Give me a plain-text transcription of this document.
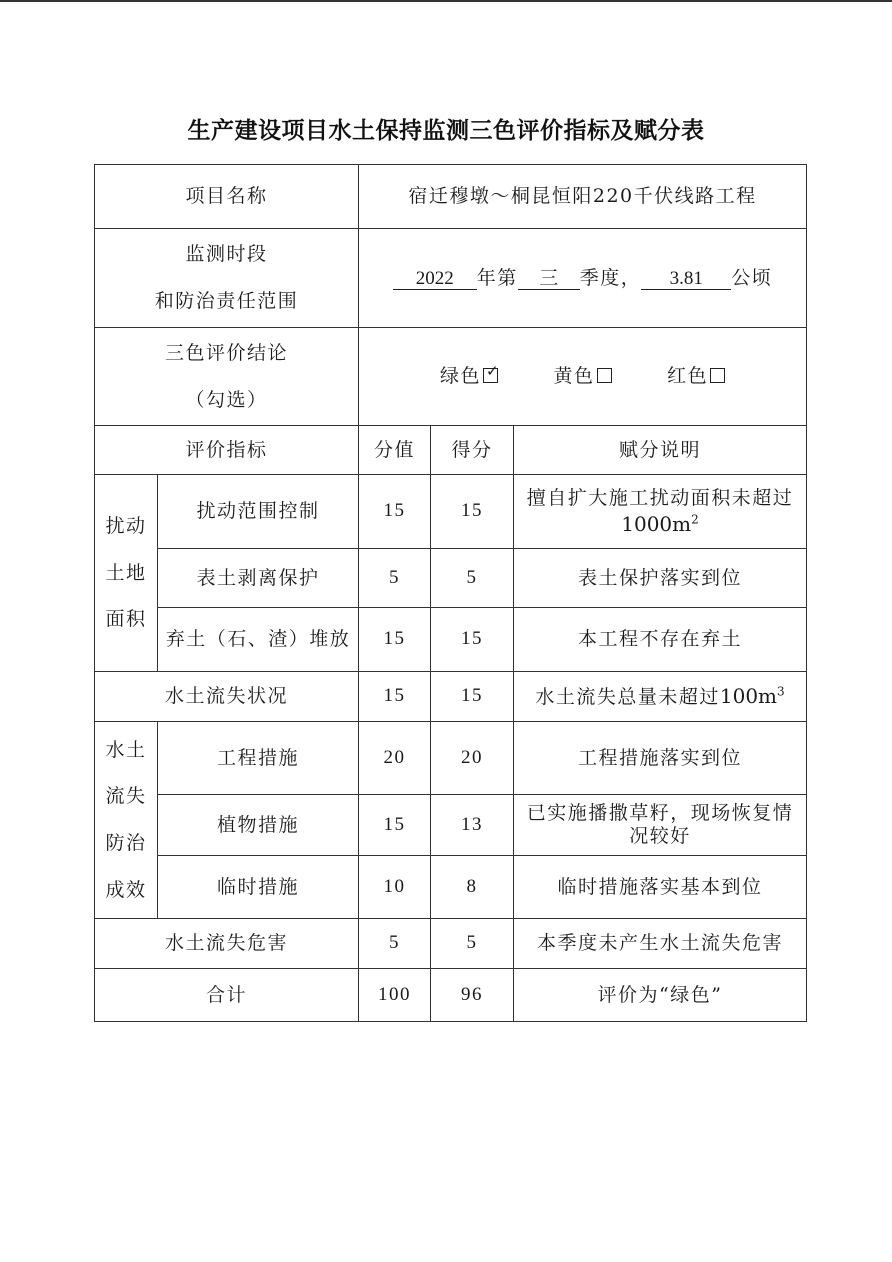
生产建设项目水土保持监测三色评价指标及赋分表
项目名称		宿迁穆墩～桐昆恒阳220千伏线路工程		

监测时段
和防治责任范围		2022 年第 三 季度， 3.81 公顷		

三色评价结论
（勾选）		绿色 ✓ 黄色 红色		
评价指标		分值	得分	赋分说明

扰动
土地
面积	扰动范围控制	15	15	擅自扩大施工扰动面积未超过
$1000m^2$
	表土剥离保护	5	5	表土保护落实到位
	弃土（石、渣）堆放	15	15	本工程不存在弃土
水土流失状况		15	15	水土流失总量未超过$100m^3$

水土
流失
防治
成效	工程措施	20	20	工程措施落实到位
	植物措施	15	13	已实施播撒草籽，现场恢复情况较好
	临时措施	10	8	临时措施落实基本到位
水土流失危害		5	5	本季度未产生水土流失危害
合计		100	96	评价为“绿色”
